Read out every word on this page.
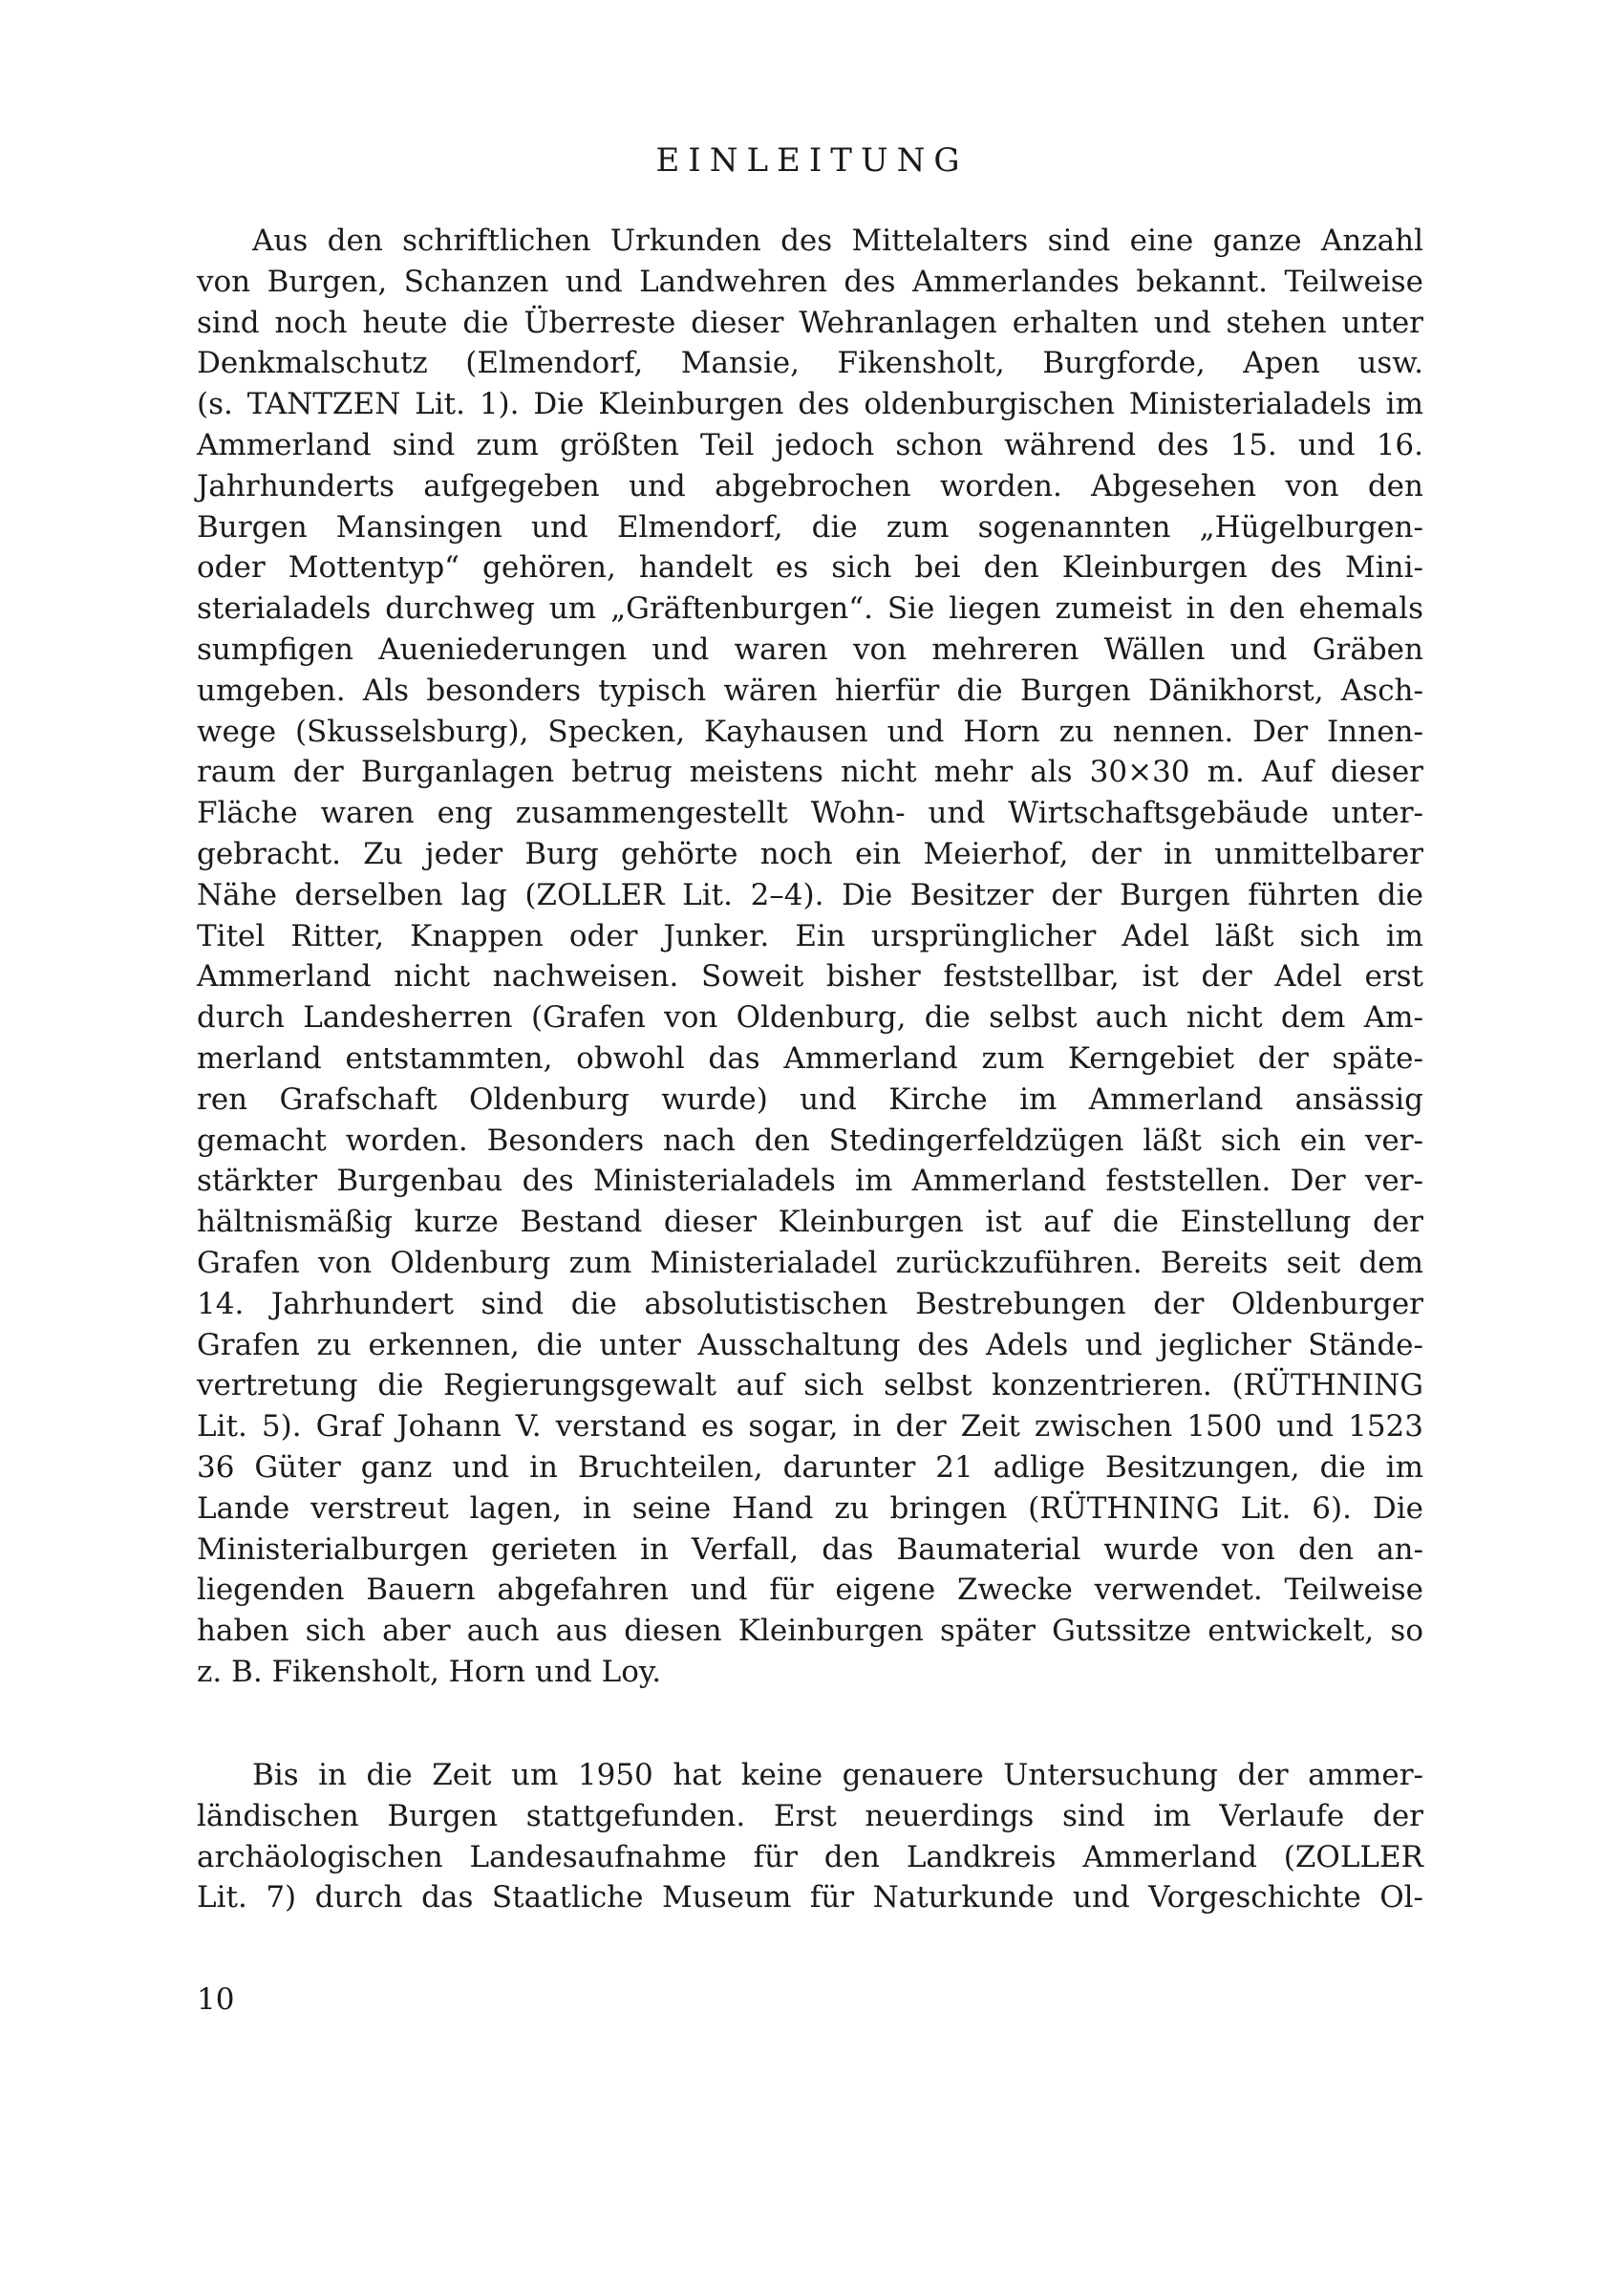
EINLEITUNG
Aus den schriftlichen Urkunden des Mittelalters sind eine ganze Anzahl
von Burgen, Schanzen und Landwehren des Ammerlandes bekannt. Teilweise
sind noch heute die Überreste dieser Wehranlagen erhalten und stehen unter
Denkmalschutz (Elmendorf, Mansie, Fikensholt, Burgforde, Apen usw.
(s. TANTZEN Lit. 1). Die Kleinburgen des oldenburgischen Ministerialadels im
Ammerland sind zum größten Teil jedoch schon während des 15. und 16.
Jahrhunderts aufgegeben und abgebrochen worden. Abgesehen von den
Burgen Mansingen und Elmendorf, die zum sogenannten „Hügelburgen-
oder Mottentyp“ gehören, handelt es sich bei den Kleinburgen des Mini-
sterialadels durchweg um „Gräftenburgen“. Sie liegen zumeist in den ehemals
sumpfigen Aueniederungen und waren von mehreren Wällen und Gräben
umgeben. Als besonders typisch wären hierfür die Burgen Dänikhorst, Asch-
wege (Skusselsburg), Specken, Kayhausen und Horn zu nennen. Der Innen-
raum der Burganlagen betrug meistens nicht mehr als 30×30 m. Auf dieser
Fläche waren eng zusammengestellt Wohn- und Wirtschaftsgebäude unter-
gebracht. Zu jeder Burg gehörte noch ein Meierhof, der in unmittelbarer
Nähe derselben lag (ZOLLER Lit. 2–4). Die Besitzer der Burgen führten die
Titel Ritter, Knappen oder Junker. Ein ursprünglicher Adel läßt sich im
Ammerland nicht nachweisen. Soweit bisher feststellbar, ist der Adel erst
durch Landesherren (Grafen von Oldenburg, die selbst auch nicht dem Am-
merland entstammten, obwohl das Ammerland zum Kerngebiet der späte-
ren Grafschaft Oldenburg wurde) und Kirche im Ammerland ansässig
gemacht worden. Besonders nach den Stedingerfeldzügen läßt sich ein ver-
stärkter Burgenbau des Ministerialadels im Ammerland feststellen. Der ver-
hältnismäßig kurze Bestand dieser Kleinburgen ist auf die Einstellung der
Grafen von Oldenburg zum Ministerialadel zurückzuführen. Bereits seit dem
14. Jahrhundert sind die absolutistischen Bestrebungen der Oldenburger
Grafen zu erkennen, die unter Ausschaltung des Adels und jeglicher Stände-
vertretung die Regierungsgewalt auf sich selbst konzentrieren. (RÜTHNING
Lit. 5). Graf Johann V. verstand es sogar, in der Zeit zwischen 1500 und 1523
36 Güter ganz und in Bruchteilen, darunter 21 adlige Besitzungen, die im
Lande verstreut lagen, in seine Hand zu bringen (RÜTHNING Lit. 6). Die
Ministerialburgen gerieten in Verfall, das Baumaterial wurde von den an-
liegenden Bauern abgefahren und für eigene Zwecke verwendet. Teilweise
haben sich aber auch aus diesen Kleinburgen später Gutssitze entwickelt, so
z. B. Fikensholt, Horn und Loy.
Bis in die Zeit um 1950 hat keine genauere Untersuchung der ammer-
ländischen Burgen stattgefunden. Erst neuerdings sind im Verlaufe der
archäologischen Landesaufnahme für den Landkreis Ammerland (ZOLLER
Lit. 7) durch das Staatliche Museum für Naturkunde und Vorgeschichte Ol-
10
